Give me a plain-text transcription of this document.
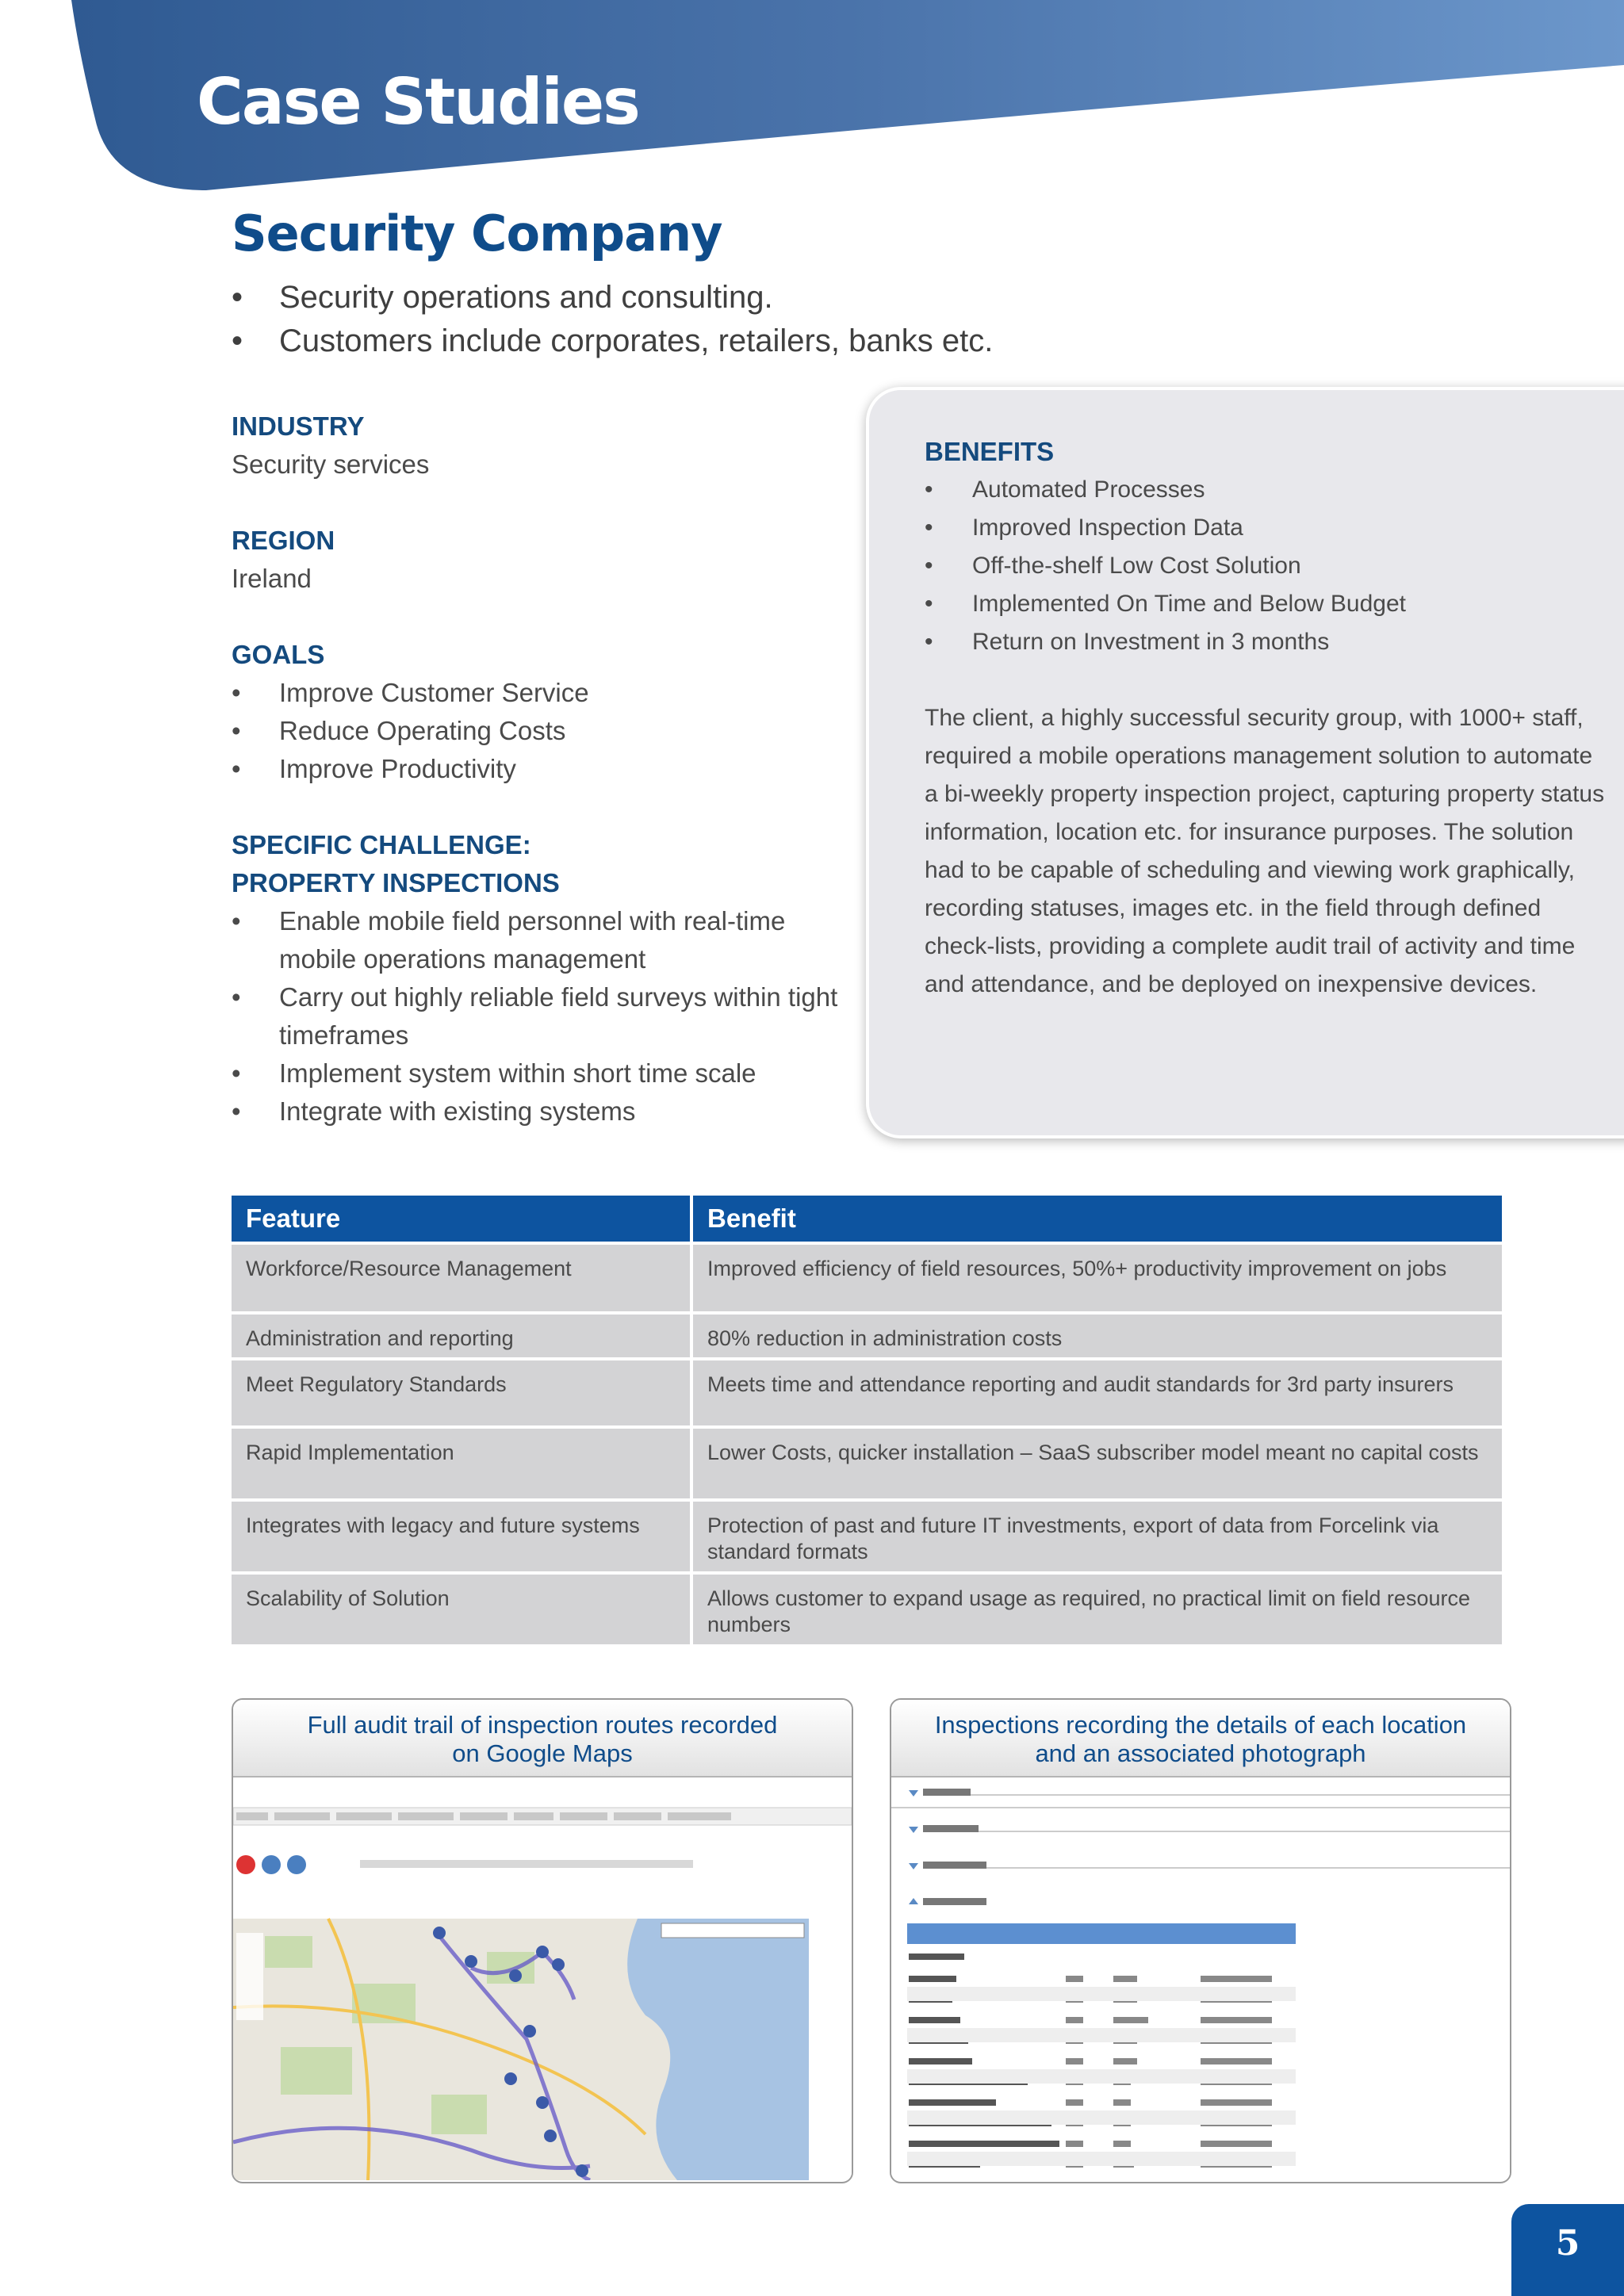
Case Studies
Security Company
• Security operations and consulting.
• Customers include corporates, retailers, banks etc.
INDUSTRY
Security services
REGION
Ireland
GOALS
• Improve Customer Service
• Reduce Operating Costs
• Improve Productivity
SPECIFIC CHALLENGE:
PROPERTY INSPECTIONS
• Enable mobile field personnel with real-time mobile operations management
• Carry out highly reliable field surveys within tight timeframes
• Implement system within short time scale
• Integrate with existing systems
BENEFITS
• Automated Processes
• Improved Inspection Data
• Off-the-shelf Low Cost Solution
• Implemented On Time and Below Budget
• Return on Investment in 3 months
The client, a highly successful security group, with 1000+ staff, required a mobile operations management solution to automate a bi-weekly property inspection project, capturing property status information, location etc. for insurance purposes. The solution had to be capable of scheduling and viewing work graphically, recording statuses, images etc. in the field through defined check-lists, providing a complete audit trail of activity and time and attendance, and be deployed on inexpensive devices.
Feature	Benefit
Workforce/Resource Management	Improved efficiency of field resources, 50%+ productivity improvement on jobs
Administration and reporting	80% reduction in administration costs
Meet Regulatory Standards	Meets time and attendance reporting and audit standards for 3rd party insurers
Rapid Implementation	Lower Costs, quicker installation – SaaS subscriber model meant no capital costs
Integrates with legacy and future systems	Protection of past and future IT investments, export of data from Forcelink via standard formats
Scalability of Solution	Allows customer to expand usage as required, no practical limit on field resource numbers
Full audit trail of inspection routes recorded
on Google Maps
Inspections recording the details of each location
and an associated photograph
5
